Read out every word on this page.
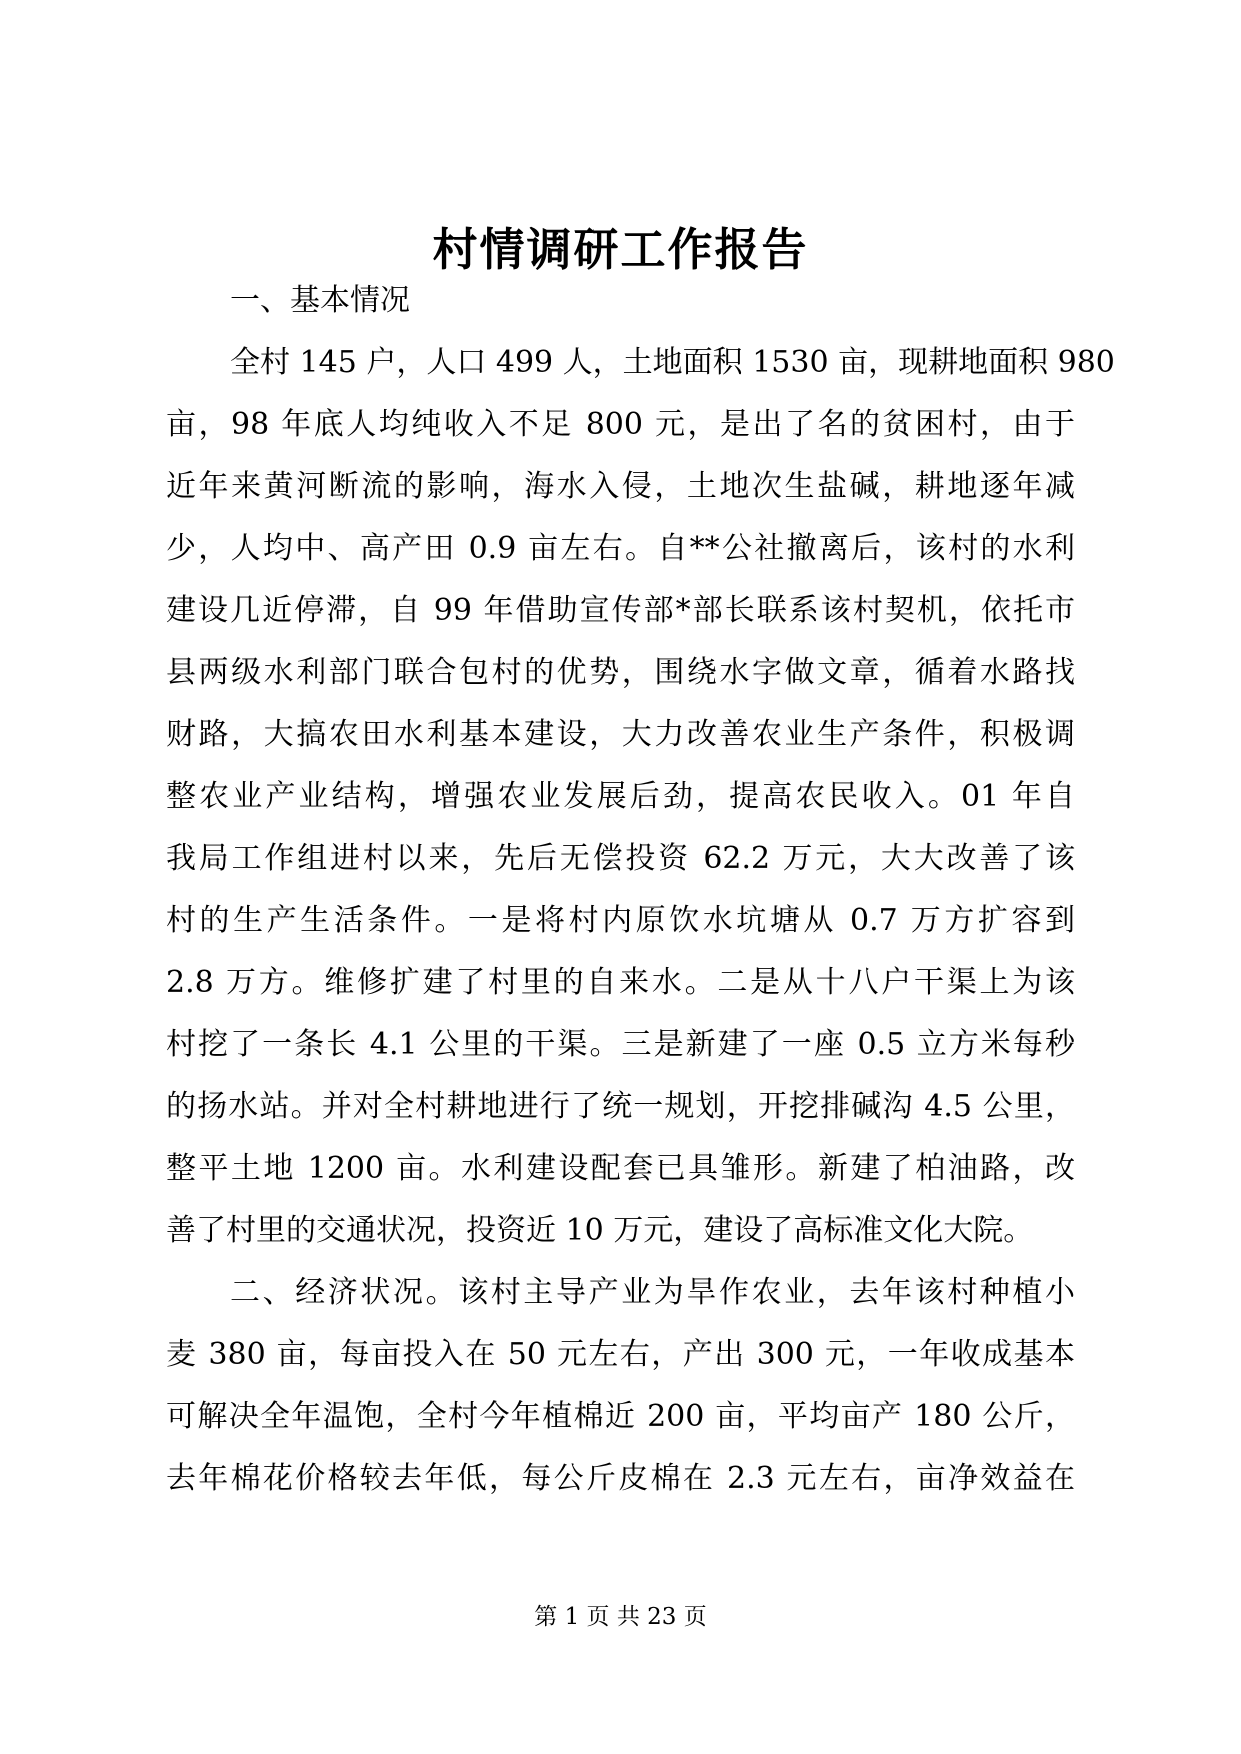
村情调研工作报告
一、基本情况
全村 145 户，人口 499 人，土地面积 1530 亩，现耕地面积 980
亩，98 年底人均纯收入不足 800 元，是出了名的贫困村，由于
近年来黄河断流的影响，海水入侵，土地次生盐碱，耕地逐年减
少，人均中、高产田 0.9 亩左右。自**公社撤离后，该村的水利
建设几近停滞，自 99 年借助宣传部*部长联系该村契机，依托市
县两级水利部门联合包村的优势，围绕水字做文章，循着水路找
财路，大搞农田水利基本建设，大力改善农业生产条件，积极调
整农业产业结构，增强农业发展后劲，提高农民收入。01 年自
我局工作组进村以来，先后无偿投资 62.2 万元，大大改善了该
村的生产生活条件。一是将村内原饮水坑塘从 0.7 万方扩容到
2.8 万方。维修扩建了村里的自来水。二是从十八户干渠上为该
村挖了一条长 4.1 公里的干渠。三是新建了一座 0.5 立方米每秒
的扬水站。并对全村耕地进行了统一规划，开挖排碱沟 4.5 公里，
整平土地 1200 亩。水利建设配套已具雏形。新建了柏油路，改
善了村里的交通状况，投资近 10 万元，建设了高标准文化大院。
二、经济状况。该村主导产业为旱作农业，去年该村种植小
麦 380 亩，每亩投入在 50 元左右，产出 300 元，一年收成基本
可解决全年温饱，全村今年植棉近 200 亩，平均亩产 180 公斤，
去年棉花价格较去年低，每公斤皮棉在 2.3 元左右，亩净效益在
第 1 页 共 23 页
